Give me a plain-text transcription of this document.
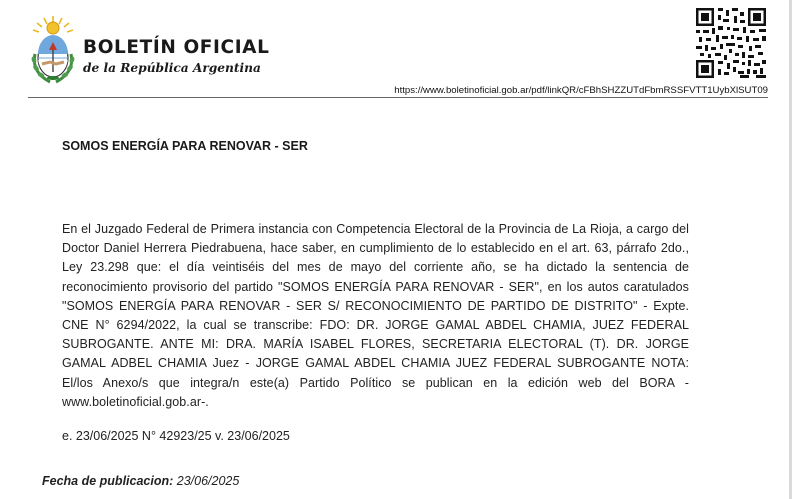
BOLETÍN OFICIAL
de la República Argentina
https://www.boletinoficial.gob.ar/pdf/linkQR/cFBhSHZZUTdFbmRSSFVTT1UybXlSUT09
SOMOS ENERGÍA PARA RENOVAR - SER
En el Juzgado Federal de Primera instancia con Competencia Electoral de la Provincia de La Rioja, a cargo del Doctor Daniel Herrera Piedrabuena, hace saber, en cumplimiento de lo establecido en el art. 63, párrafo 2do., Ley 23.298 que: el día veintiséis del mes de mayo del corriente año, se ha dictado la sentencia de reconocimiento provisorio del partido "SOMOS ENERGÍA PARA RENOVAR - SER", en los autos caratulados "SOMOS ENERGÍA PARA RENOVAR - SER S/ RECONOCIMIENTO DE PARTIDO DE DISTRITO" - Expte. CNE N° 6294/2022, la cual se transcribe: FDO: DR. JORGE GAMAL ABDEL CHAMIA, JUEZ FEDERAL SUBROGANTE. ANTE MI: DRA. MARÍA ISABEL FLORES, SECRETARIA ELECTORAL (T). DR. JORGE GAMAL ADBEL CHAMIA Juez - JORGE GAMAL ABDEL CHAMIA JUEZ FEDERAL SUBROGANTE NOTA: El/los Anexo/s que integra/n este(a) Partido Político se publican en la edición web del BORA -www.boletinoficial.gob.ar-.
e. 23/06/2025 N° 42923/25 v. 23/06/2025
Fecha de publicacion: 23/06/2025
